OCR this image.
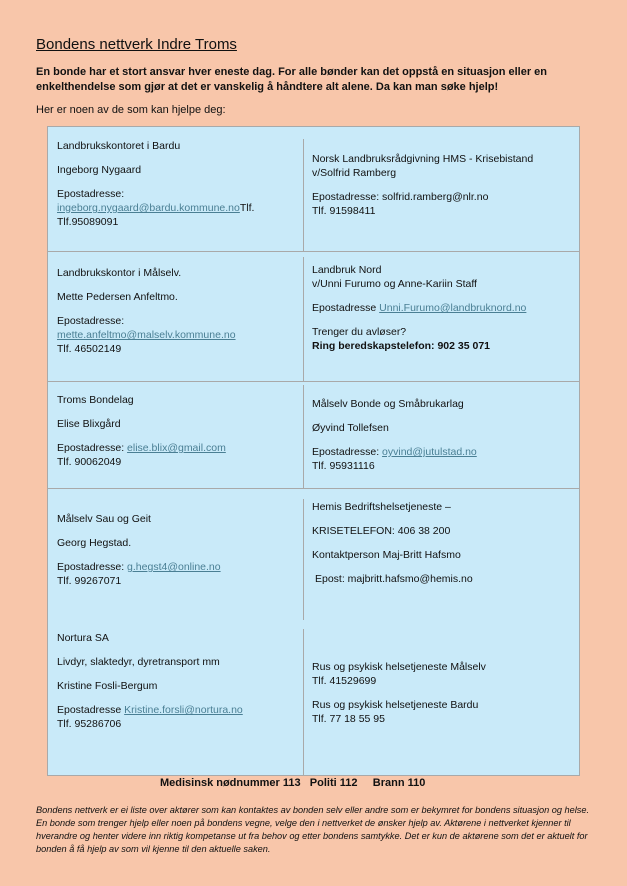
Bondens nettverk Indre Troms
En bonde har et stort ansvar hver eneste dag. For alle bønder kan det oppstå en situasjon eller en enkelthendelse som gjør at det er vanskelig å håndtere alt alene. Da kan man søke hjelp!
Her er noen av de som kan hjelpe deg:

Landbrukskontoret i Bardu

Ingeborg Nygaard

Epostadresse:

ingeborg.nygaard@bardu.kommune.noTlf.

Tlf.95089091

Norsk Landbruksrådgivning HMS - Krisebistand

v/Solfrid Ramberg

Epostadresse: solfrid.ramberg@nlr.no

Tlf. 91598411

Landbrukskontor i Målselv.

Mette Pedersen Anfeltmo.

Epostadresse:

mette.anfeltmo@malselv.kommune.no

Tlf. 46502149

Landbruk Nord

v/Unni Furumo og Anne-Kariin Staff

Epostadresse Unni.Furumo@landbruknord.no

Trenger du avløser?

Ring beredskapstelefon: 902 35 071

Troms Bondelag

Elise Blixgård

Epostadresse: elise.blix@gmail.com

Tlf. 90062049

Målselv Bonde og Småbrukarlag

Øyvind Tollefsen

Epostadresse: oyvind@jutulstad.no

Tlf. 95931116

Målselv Sau og Geit

Georg Hegstad.

Epostadresse: g.hegst4@online.no

Tlf. 99267071

Hemis Bedriftshelsetjeneste –

KRISETELEFON: 406 38 200

Kontaktperson Maj-Britt Hafsmo

Epost: majbritt.hafsmo@hemis.no

Nortura SA

Livdyr, slaktedyr, dyretransport mm

Kristine Fosli-Bergum

Epostadresse Kristine.forsli@nortura.no

Tlf. 95286706

Rus og psykisk helsetjeneste Målselv

Tlf. 41529699

Rus og psykisk helsetjeneste Bardu

Tlf. 77 18 55 95

Medisinsk nødnummer 113 Politi 112 Brann 110
Bondens nettverk er ei liste over aktører som kan kontaktes av bonden selv eller andre som er bekymret for bondens situasjon og helse. En bonde som trenger hjelp eller noen på bondens vegne, velge den i nettverket de ønsker hjelp av. Aktørene i nettverket kjenner til hverandre og henter videre inn riktig kompetanse ut fra behov og etter bondens samtykke. Det er kun de aktørene som det er aktuelt for bonden å få hjelp av som vil kjenne til den aktuelle saken.
